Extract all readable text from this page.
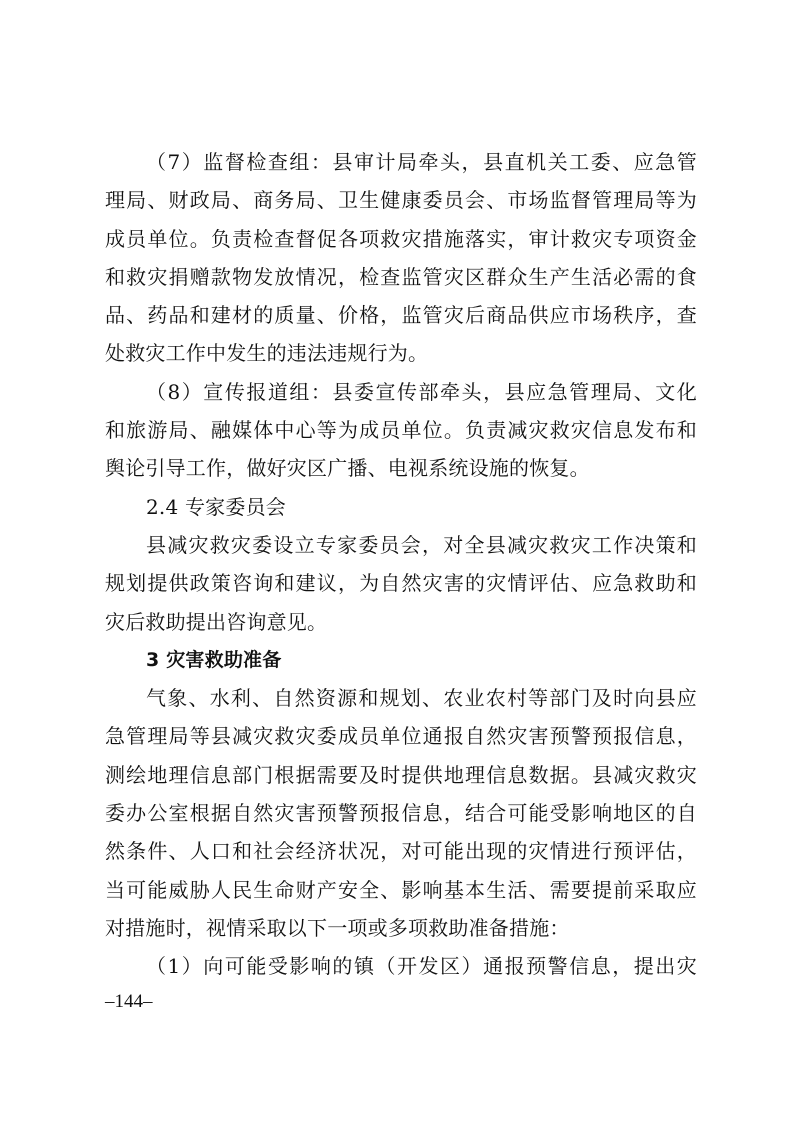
（7）监督检查组：县审计局牵头，县直机关工委、应急管
理局、财政局、商务局、卫生健康委员会、市场监督管理局等为
成员单位。负责检查督促各项救灾措施落实，审计救灾专项资金
和救灾捐赠款物发放情况，检查监管灾区群众生产生活必需的食
品、药品和建材的质量、价格，监管灾后商品供应市场秩序，查
处救灾工作中发生的违法违规行为。
（8）宣传报道组：县委宣传部牵头，县应急管理局、文化
和旅游局、融媒体中心等为成员单位。负责减灾救灾信息发布和
舆论引导工作，做好灾区广播、电视系统设施的恢复。
2.4 专家委员会
县减灾救灾委设立专家委员会，对全县减灾救灾工作决策和
规划提供政策咨询和建议，为自然灾害的灾情评估、应急救助和
灾后救助提出咨询意见。
3 灾害救助准备
气象、水利、自然资源和规划、农业农村等部门及时向县应
急管理局等县减灾救灾委成员单位通报自然灾害预警预报信息，
测绘地理信息部门根据需要及时提供地理信息数据。县减灾救灾
委办公室根据自然灾害预警预报信息，结合可能受影响地区的自
然条件、人口和社会经济状况，对可能出现的灾情进行预评估，
当可能威胁人民生命财产安全、影响基本生活、需要提前采取应
对措施时，视情采取以下一项或多项救助准备措施：
（1）向可能受影响的镇（开发区）通报预警信息，提出灾
–144–
